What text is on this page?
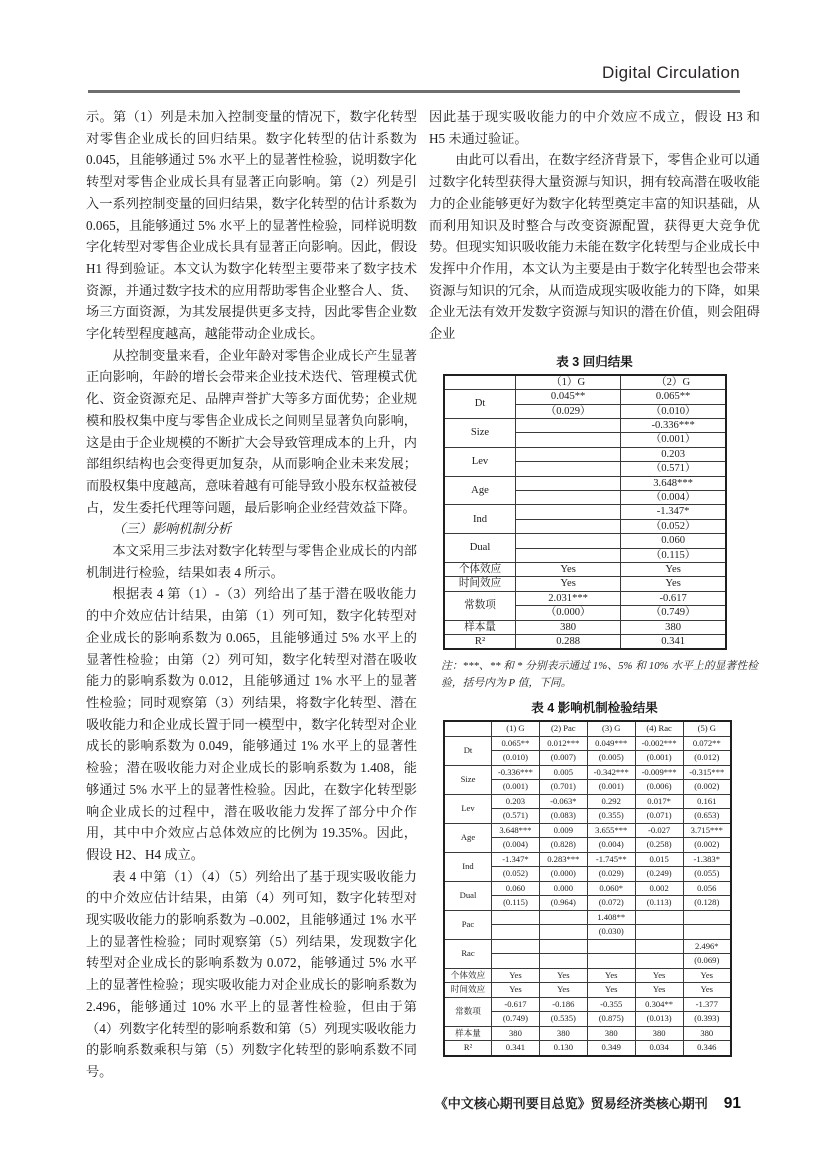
Digital Circulation

示。第（1）列是未加入控制变量的情况下，数字化转型对零售企业成长的回归结果。数字化转型的估计系数为 0.045，且能够通过 5% 水平上的显著性检验，说明数字化转型对零售企业成长具有显著正向影响。第（2）列是引入一系列控制变量的回归结果，数字化转型的估计系数为 0.065，且能够通过 5% 水平上的显著性检验，同样说明数字化转型对零售企业成长具有显著正向影响。因此，假设 H1 得到验证。本文认为数字化转型主要带来了数字技术资源，并通过数字技术的应用帮助零售企业整合人、货、场三方面资源，为其发展提供更多支持，因此零售企业数字化转型程度越高，越能带动企业成长。

从控制变量来看，企业年龄对零售企业成长产生显著正向影响，年龄的增长会带来企业技术迭代、管理模式优化、资金资源充足、品牌声誉扩大等多方面优势；企业规模和股权集中度与零售企业成长之间则呈显著负向影响，这是由于企业规模的不断扩大会导致管理成本的上升，内部组织结构也会变得更加复杂，从而影响企业未来发展；而股权集中度越高，意味着越有可能导致小股东权益被侵占，发生委托代理等问题，最后影响企业经营效益下降。

（三）影响机制分析

本文采用三步法对数字化转型与零售企业成长的内部机制进行检验，结果如表 4 所示。

根据表 4 第（1）-（3）列给出了基于潜在吸收能力的中介效应估计结果，由第（1）列可知，数字化转型对企业成长的影响系数为 0.065，且能够通过 5% 水平上的显著性检验；由第（2）列可知，数字化转型对潜在吸收能力的影响系数为 0.012，且能够通过 1% 水平上的显著性检验；同时观察第（3）列结果，将数字化转型、潜在吸收能力和企业成长置于同一模型中，数字化转型对企业成长的影响系数为 0.049，能够通过 1% 水平上的显著性检验；潜在吸收能力对企业成长的影响系数为 1.408，能够通过 5% 水平上的显著性检验。因此，在数字化转型影响企业成长的过程中，潜在吸收能力发挥了部分中介作用，其中中介效应占总体效应的比例为 19.35%。因此，假设 H2、H4 成立。

表 4 中第（1）（4）（5）列给出了基于现实吸收能力的中介效应估计结果，由第（4）列可知，数字化转型对现实吸收能力的影响系数为 –0.002，且能够通过 1% 水平上的显著性检验；同时观察第（5）列结果，发现数字化转型对企业成长的影响系数为 0.072，能够通过 5% 水平上的显著性检验；现实吸收能力对企业成长的影响系数为 2.496，能够通过 10% 水平上的显著性检验，但由于第（4）列数字化转型的影响系数和第（5）列现实吸收能力的影响系数乘积与第（5）列数字化转型的影响系数不同号。

因此基于现实吸收能力的中介效应不成立，假设 H3 和 H5 未通过验证。

由此可以看出，在数字经济背景下，零售企业可以通过数字化转型获得大量资源与知识，拥有较高潜在吸收能力的企业能够更好为数字化转型奠定丰富的知识基础，从而利用知识及时整合与改变资源配置，获得更大竞争优势。但现实知识吸收能力未能在数字化转型与企业成长中发挥中介作用，本文认为主要是由于数字化转型也会带来资源与知识的冗余，从而造成现实吸收能力的下降，如果企业无法有效开发数字资源与知识的潜在价值，则会阻碍企业

表 3 回归结果
	（1）G	（2）G
Dt	0.045**	0.065**
	（0.029）	（0.010）
Size		-0.336***
		（0.001）
Lev		0.203
		（0.571）
Age		3.648***
		（0.004）
Ind		-1.347*
		（0.052）
Dual		0.060
		（0.115）
个体效应	Yes	Yes
时间效应	Yes	Yes
常数项	2.031***	-0.617
	（0.000）	（0.749）
样本量	380	380
R²	0.288	0.341
注：***、** 和 * 分别表示通过 1%、5% 和 10% 水平上的显著性检验，括号内为 P 值，下同。
表 4 影响机制检验结果
	(1) G	(2) Pac	(3) G	(4) Rac	(5) G
Dt	0.065**	0.012***	0.049***	-0.002***	0.072**
	(0.010)	(0.007)	(0.005)	(0.001)	(0.012)
Size	-0.336***	0.005	-0.342***	-0.009***	-0.315***
	(0.001)	(0.701)	(0.001)	(0.006)	(0.002)
Lev	0.203	-0.063*	0.292	0.017*	0.161
	(0.571)	(0.083)	(0.355)	(0.071)	(0.653)
Age	3.648***	0.009	3.655***	-0.027	3.715***
	(0.004)	(0.828)	(0.004)	(0.258)	(0.002)
Ind	-1.347*	0.283***	-1.745**	0.015	-1.383*
	(0.052)	(0.000)	(0.029)	(0.249)	(0.055)
Dual	0.060	0.000	0.060*	0.002	0.056
	(0.115)	(0.964)	(0.072)	(0.113)	(0.128)
Pac			1.408**		
			(0.030)		
Rac					2.496*
					(0.069)
个体效应	Yes	Yes	Yes	Yes	Yes
时间效应	Yes	Yes	Yes	Yes	Yes
常数项	-0.617	-0.186	-0.355	0.304**	-1.377
	(0.749)	(0.535)	(0.875)	(0.013)	(0.393)
样本量	380	380	380	380	380
R²	0.341	0.130	0.349	0.034	0.346
《中文核心期刊要目总览》贸易经济类核心期刊 91
